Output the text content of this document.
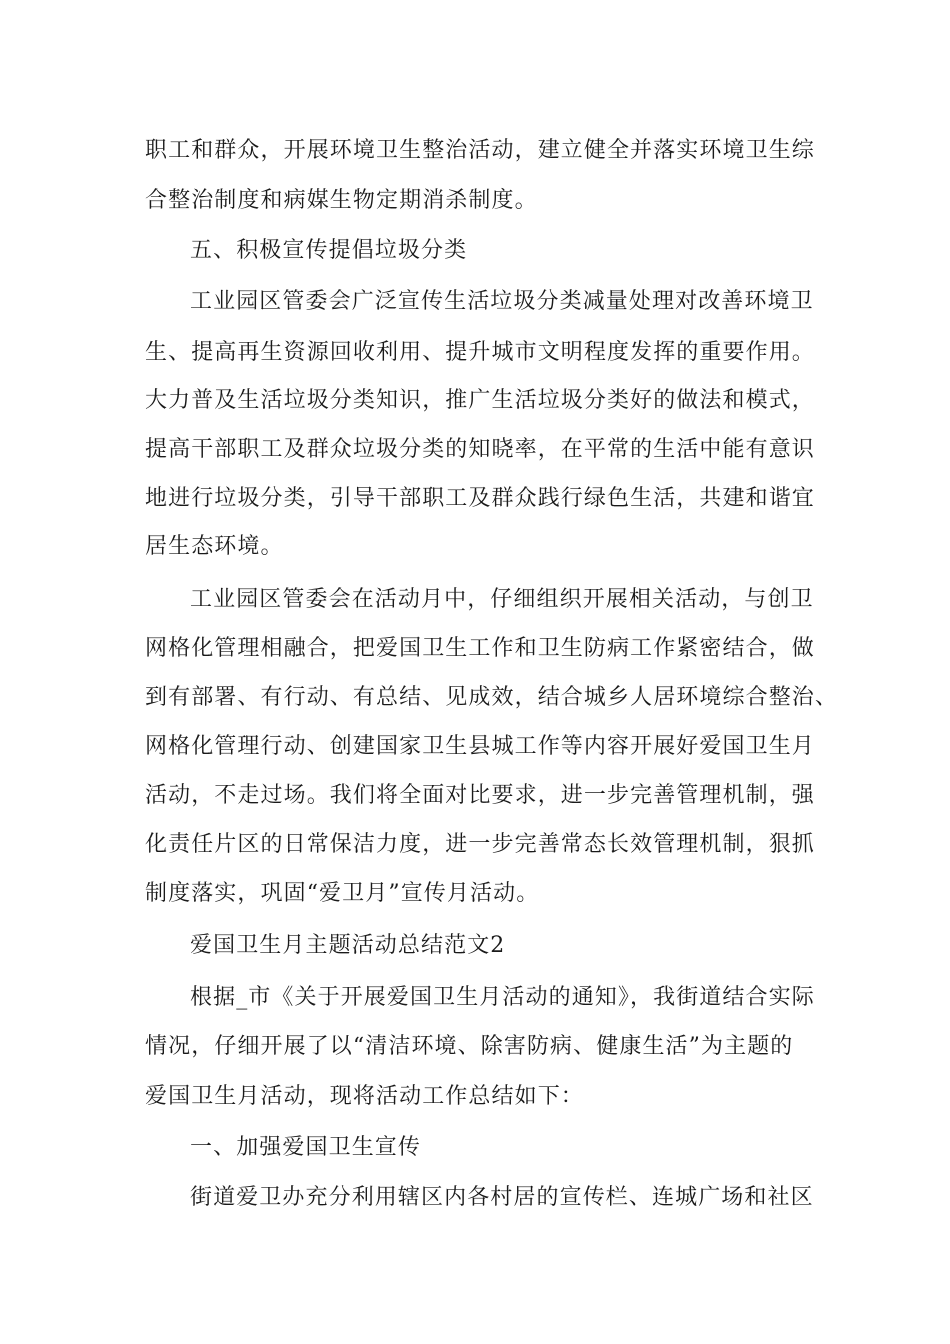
职工和群众，开展环境卫生整治活动，建立健全并落实环境卫生综
合整治制度和病媒生物定期消杀制度。
五、积极宣传提倡垃圾分类
工业园区管委会广泛宣传生活垃圾分类减量处理对改善环境卫
生、提高再生资源回收利用、提升城市文明程度发挥的重要作用。
大力普及生活垃圾分类知识，推广生活垃圾分类好的做法和模式，
提高干部职工及群众垃圾分类的知晓率，在平常的生活中能有意识
地进行垃圾分类，引导干部职工及群众践行绿色生活，共建和谐宜
居生态环境。
工业园区管委会在活动月中，仔细组织开展相关活动，与创卫
网格化管理相融合，把爱国卫生工作和卫生防病工作紧密结合，做
到有部署、有行动、有总结、见成效，结合城乡人居环境综合整治、
网格化管理行动、创建国家卫生县城工作等内容开展好爱国卫生月
活动，不走过场。我们将全面对比要求，进一步完善管理机制，强
化责任片区的日常保洁力度，进一步完善常态长效管理机制，狠抓
制度落实，巩固“爱卫月”宣传月活动。
爱国卫生月主题活动总结范文2
根据_市《关于开展爱国卫生月活动的通知》，我街道结合实际
情况，仔细开展了以“清洁环境、除害防病、健康生活”为主题的
爱国卫生月活动，现将活动工作总结如下：
一、加强爱国卫生宣传
街道爱卫办充分利用辖区内各村居的宣传栏、连城广场和社区
